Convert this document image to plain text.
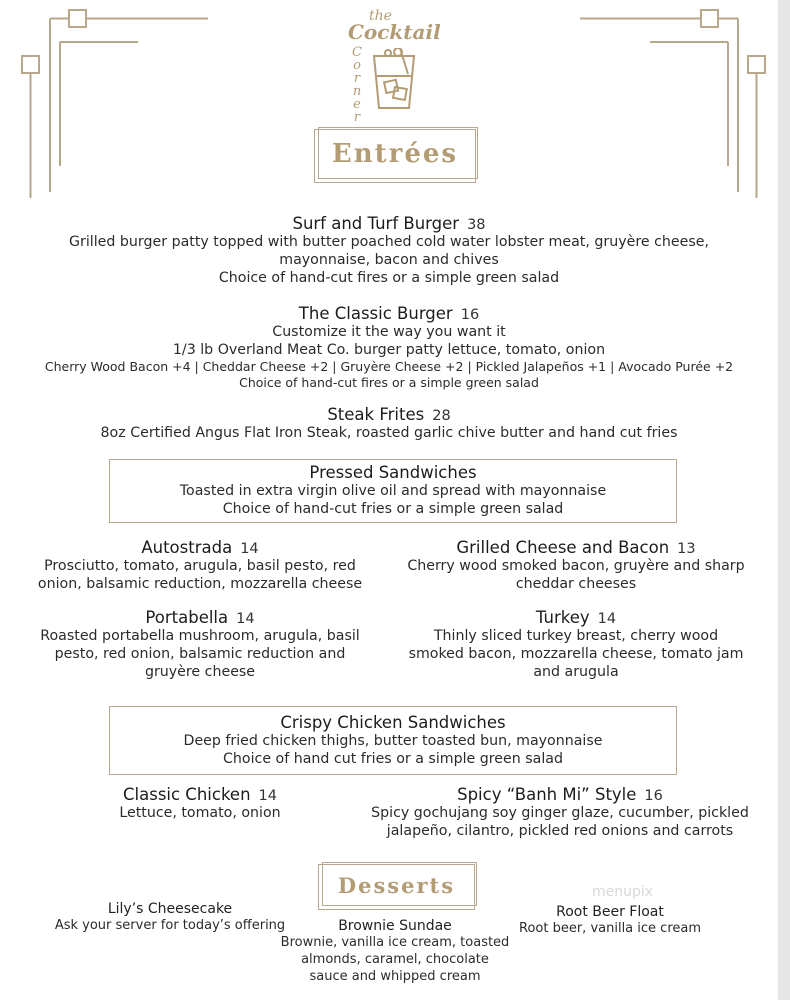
the
Cocktail
C
o
r
n
e
r
Entrées
Surf and Turf Burger 38
Grilled burger patty topped with butter poached cold water lobster meat, gruyère cheese,
mayonnaise, bacon and chives
Choice of hand-cut fires or a simple green salad
The Classic Burger 16
Customize it the way you want it
1/3 lb Overland Meat Co. burger patty lettuce, tomato, onion
Cherry Wood Bacon +4 | Cheddar Cheese +2 | Gruyère Cheese +2 | Pickled Jalapeños +1 | Avocado Purée +2
Choice of hand-cut fires or a simple green salad
Steak Frites 28
8oz Certified Angus Flat Iron Steak, roasted garlic chive butter and hand cut fries
Pressed Sandwiches
Toasted in extra virgin olive oil and spread with mayonnaise
Choice of hand-cut fries or a simple green salad
Autostrada 14
Prosciutto, tomato, arugula, basil pesto, red
onion, balsamic reduction, mozzarella cheese
Grilled Cheese and Bacon 13
Cherry wood smoked bacon, gruyère and sharp
cheddar cheeses
Portabella 14
Roasted portabella mushroom, arugula, basil
pesto, red onion, balsamic reduction and
gruyère cheese
Turkey 14
Thinly sliced turkey breast, cherry wood
smoked bacon, mozzarella cheese, tomato jam
and arugula
Crispy Chicken Sandwiches
Deep fried chicken thighs, butter toasted bun, mayonnaise
Choice of hand cut fries or a simple green salad
Classic Chicken 14
Lettuce, tomato, onion
Spicy “Banh Mi” Style 16
Spicy gochujang soy ginger glaze, cucumber, pickled
jalapeño, cilantro, pickled red onions and carrots
Desserts
Lily’s Cheesecake
Ask your server for today’s offering	Brownie Sundae
Brownie, vanilla ice cream, toasted
almonds, caramel, chocolate
sauce and whipped cream
Root Beer Float
Root beer, vanilla ice cream
menupix
